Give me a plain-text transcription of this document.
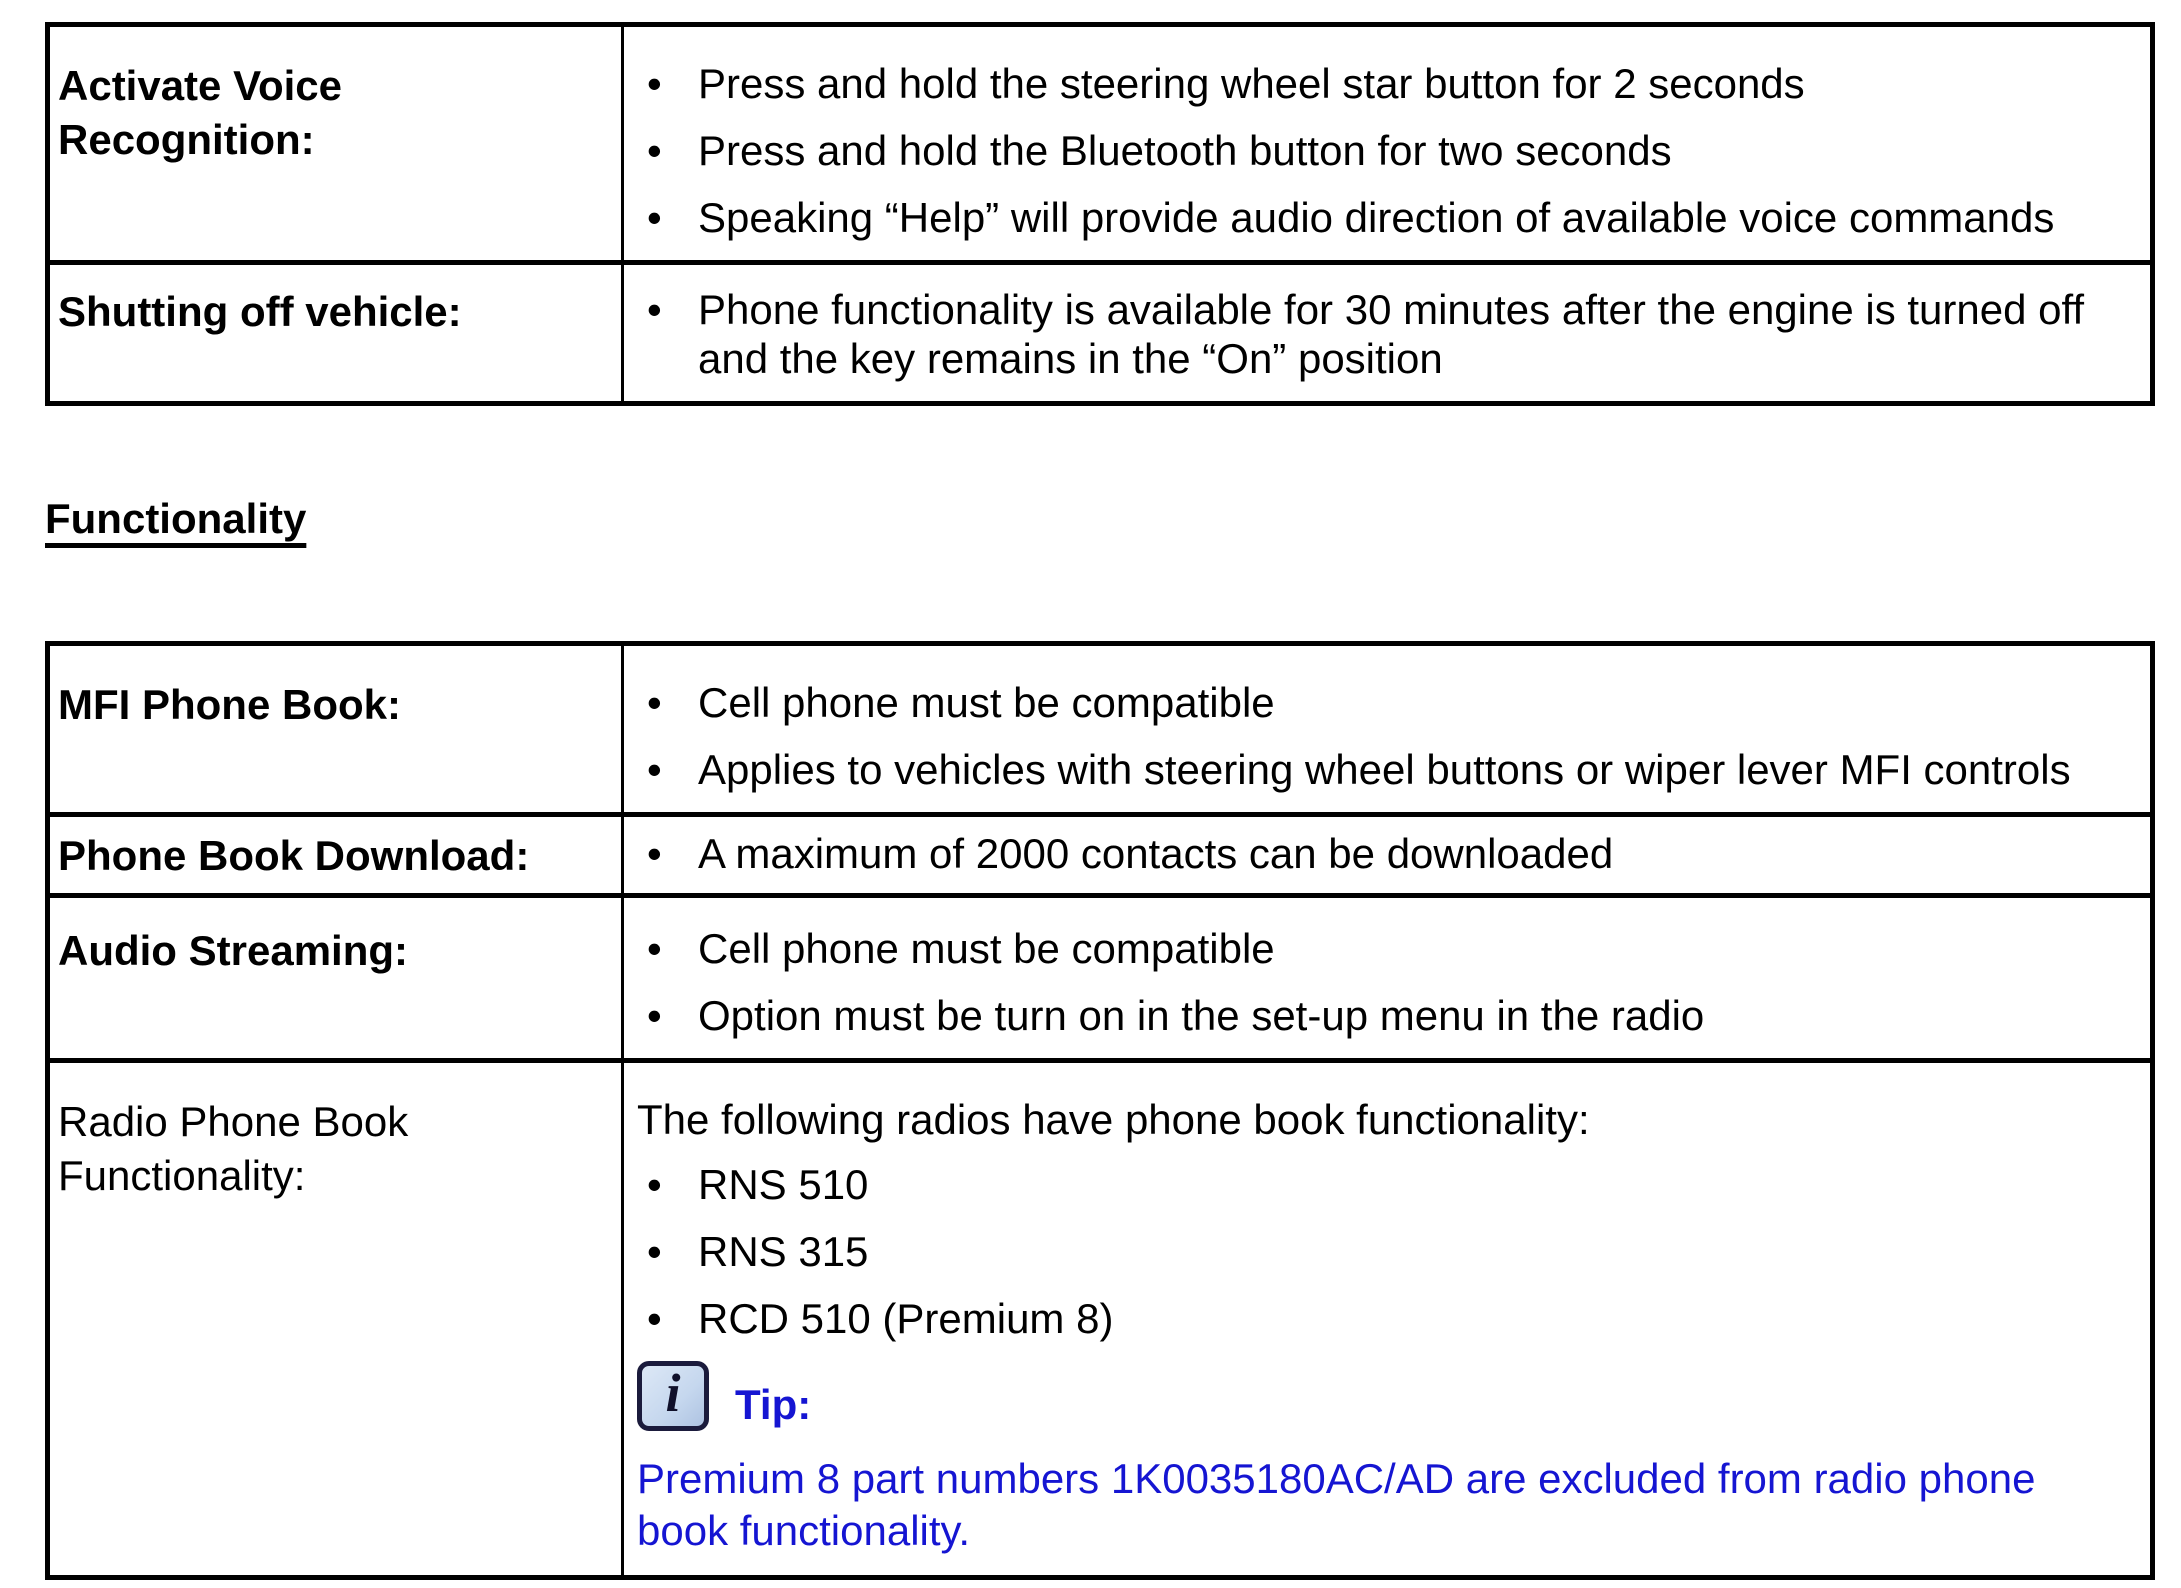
Activate Voice Recognition:

• Press and hold the steering wheel star button for 2 seconds
• Press and hold the Bluetooth button for two seconds
• Speaking “Help” will provide audio direction of available voice commands

Shutting off vehicle:

•Phone functionality is available for 30 minutes after the engine is turned off and the key remains in the “On” position
Functionality
MFI Phone Book:

•Cell phone must be compatible
• Applies to vehicles with steering wheel buttons or wiper lever MFI controls

Phone Book Download:

•A maximum of 2000 contacts can be downloaded

Audio Streaming:

•Cell phone must be compatible
• Option must be turn on in the set-up menu in the radio

Radio Phone Book Functionality:

The following radios have phone book functionality:

• RNS 510
• RNS 315
• RCD 510 (Premium 8)
i Tip:

Premium 8 part numbers 1K0035180AC/AD are excluded from radio phone book functionality.
